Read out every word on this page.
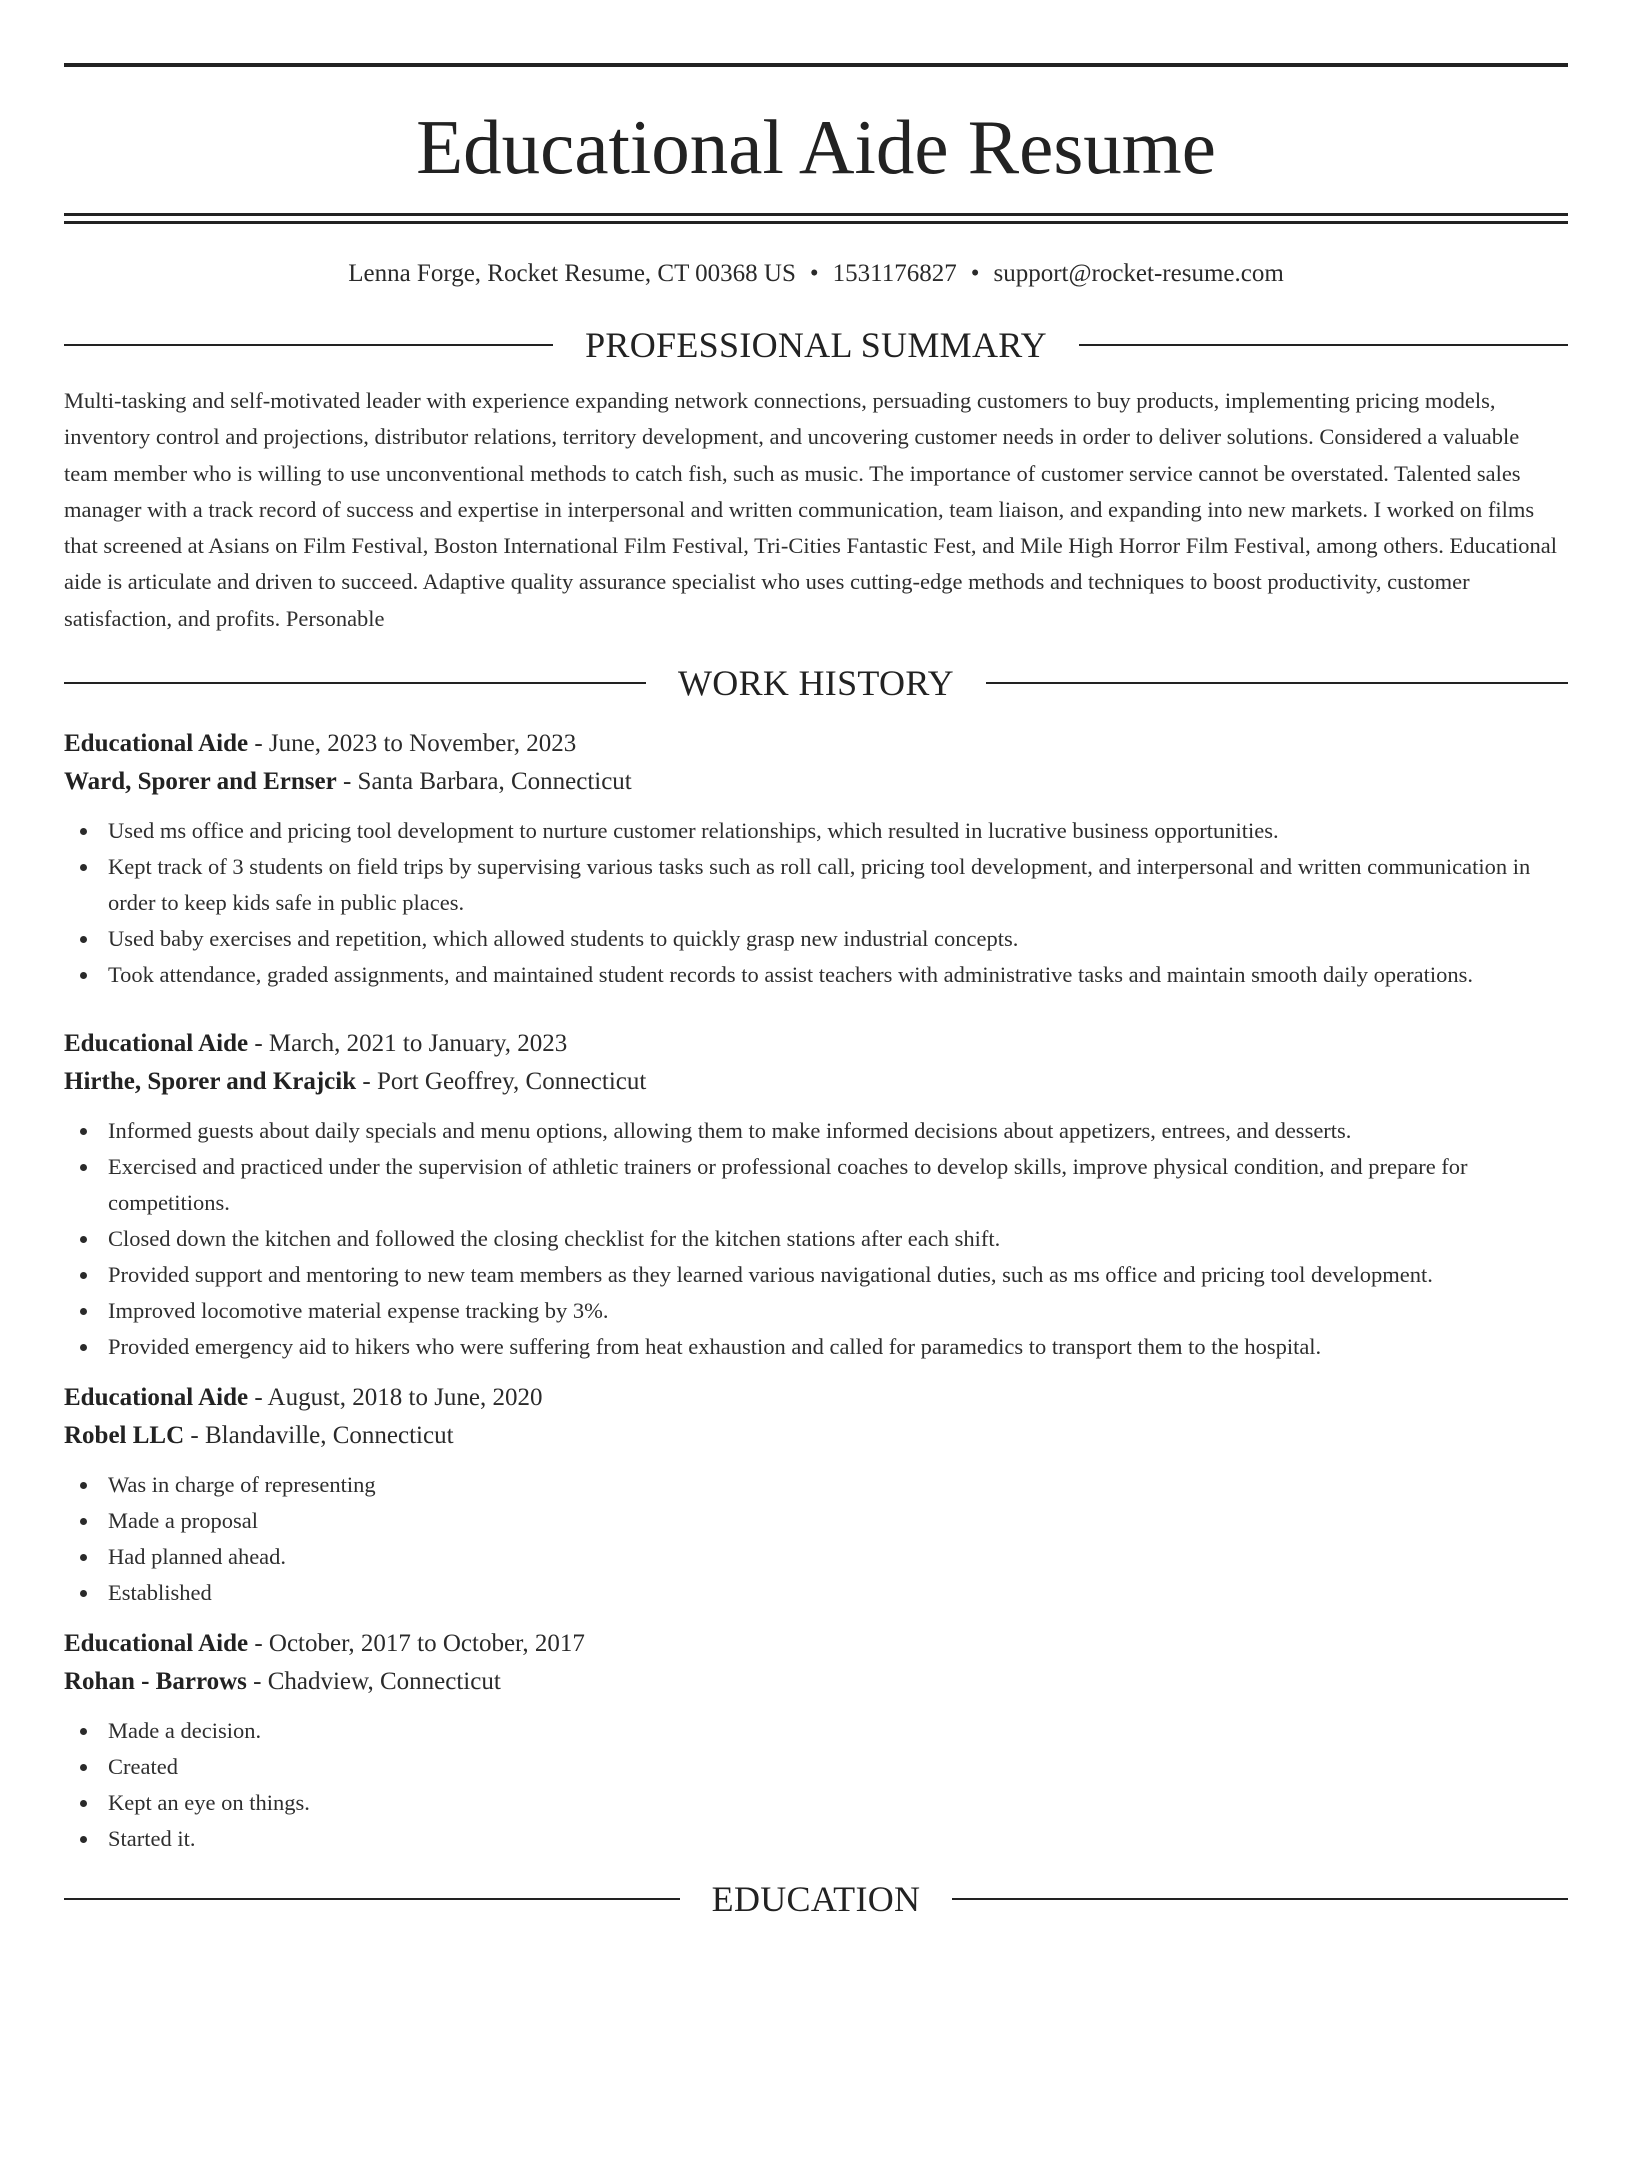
Educational Aide Resume
Lenna Forge, Rocket Resume, CT 00368 US • 1531176827 • support@rocket-resume.com
PROFESSIONAL SUMMARY

Multi-tasking and self-motivated leader with experience expanding network connections, persuading customers to buy products, implementing pricing models, inventory control and projections, distributor relations, territory development, and uncovering customer needs in order to deliver solutions. Considered a valuable team member who is willing to use unconventional methods to catch fish, such as music. The importance of customer service cannot be overstated. Talented sales manager with a track record of success and expertise in interpersonal and written communication, team liaison, and expanding into new markets. I worked on films that screened at Asians on Film Festival, Boston International Film Festival, Tri-Cities Fantastic Fest, and Mile High Horror Film Festival, among others. Educational aide is articulate and driven to succeed. Adaptive quality assurance specialist who uses cutting-edge methods and techniques to boost productivity, customer satisfaction, and profits. Personable

WORK HISTORY
Educational Aide - June, 2023 to November, 2023
Ward, Sporer and Ernser - Santa Barbara, Connecticut
Used ms office and pricing tool development to nurture customer relationships, which resulted in lucrative business opportunities.
Kept track of 3 students on field trips by supervising various tasks such as roll call, pricing tool development, and interpersonal and written communication in order to keep kids safe in public places.
Used baby exercises and repetition, which allowed students to quickly grasp new industrial concepts.
Took attendance, graded assignments, and maintained student records to assist teachers with administrative tasks and maintain smooth daily operations.
Educational Aide - March, 2021 to January, 2023
Hirthe, Sporer and Krajcik - Port Geoffrey, Connecticut
Informed guests about daily specials and menu options, allowing them to make informed decisions about appetizers, entrees, and desserts.
Exercised and practiced under the supervision of athletic trainers or professional coaches to develop skills, improve physical condition, and prepare for competitions.
Closed down the kitchen and followed the closing checklist for the kitchen stations after each shift.
Provided support and mentoring to new team members as they learned various navigational duties, such as ms office and pricing tool development.
Improved locomotive material expense tracking by 3%.
Provided emergency aid to hikers who were suffering from heat exhaustion and called for paramedics to transport them to the hospital.
Educational Aide - August, 2018 to June, 2020
Robel LLC - Blandaville, Connecticut
Was in charge of representing
Made a proposal
Had planned ahead.
Established
Educational Aide - October, 2017 to October, 2017
Rohan - Barrows - Chadview, Connecticut
Made a decision.
Created
Kept an eye on things.
Started it.
EDUCATION
